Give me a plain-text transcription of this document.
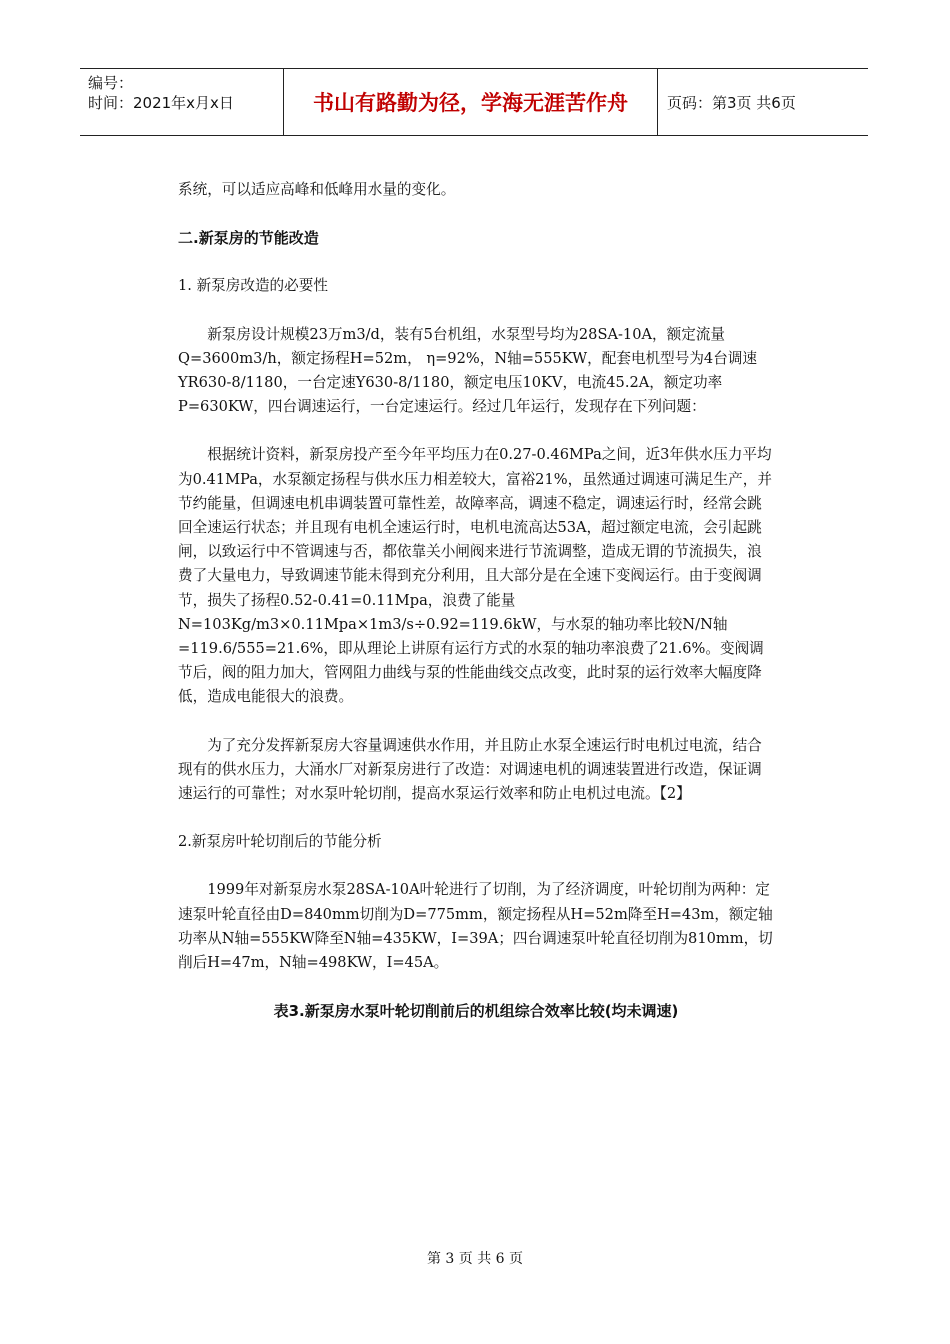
编号：
时间：2021年x月x日	书山有路勤为径，学海无涯苦作舟	页码：第3页 共6页

系统，可以适应高峰和低峰用水量的变化。

二.新泵房的节能改造

1. 新泵房改造的必要性

新泵房设计规模23万m3/d，装有5台机组，水泵型号均为28SA-10A，额定流量Q=3600m3/h，额定扬程H=52m， η=92%，N轴=555KW，配套电机型号为4台调速YR630-8/1180，一台定速Y630-8/1180，额定电压10KV，电流45.2A，额定功率P=630KW，四台调速运行，一台定速运行。经过几年运行，发现存在下列问题：

根据统计资料，新泵房投产至今年平均压力在0.27-0.46MPa之间，近3年供水压力平均为0.41MPa，水泵额定扬程与供水压力相差较大，富裕21%，虽然通过调速可满足生产，并节约能量，但调速电机串调装置可靠性差，故障率高，调速不稳定，调速运行时，经常会跳回全速运行状态；并且现有电机全速运行时，电机电流高达53A，超过额定电流，会引起跳闸，以致运行中不管调速与否，都依靠关小闸阀来进行节流调整，造成无谓的节流损失，浪费了大量电力，导致调速节能未得到充分利用，且大部分是在全速下变阀运行。由于变阀调节，损失了扬程0.52-0.41=0.11Mpa，浪费了能量N=103Kg/m3×0.11Mpa×1m3/s÷0.92=119.6kW，与水泵的轴功率比较N/N轴=119.6/555=21.6%，即从理论上讲原有运行方式的水泵的轴功率浪费了21.6%。变阀调节后，阀的阻力加大，管网阻力曲线与泵的性能曲线交点改变，此时泵的运行效率大幅度降低，造成电能很大的浪费。

为了充分发挥新泵房大容量调速供水作用，并且防止水泵全速运行时电机过电流，结合现有的供水压力，大涌水厂对新泵房进行了改造：对调速电机的调速装置进行改造，保证调速运行的可靠性；对水泵叶轮切削，提高水泵运行效率和防止电机过电流。【2】

2.新泵房叶轮切削后的节能分析

1999年对新泵房水泵28SA-10A叶轮进行了切削，为了经济调度，叶轮切削为两种：定速泵叶轮直径由D=840mm切削为D=775mm，额定扬程从H=52m降至H=43m，额定轴功率从N轴=555KW降至N轴=435KW，I=39A；四台调速泵叶轮直径切削为810mm，切削后H=47m，N轴=498KW，I=45A。

表3.新泵房水泵叶轮切削前后的机组综合效率比较(均未调速)

第 3 页 共 6 页
